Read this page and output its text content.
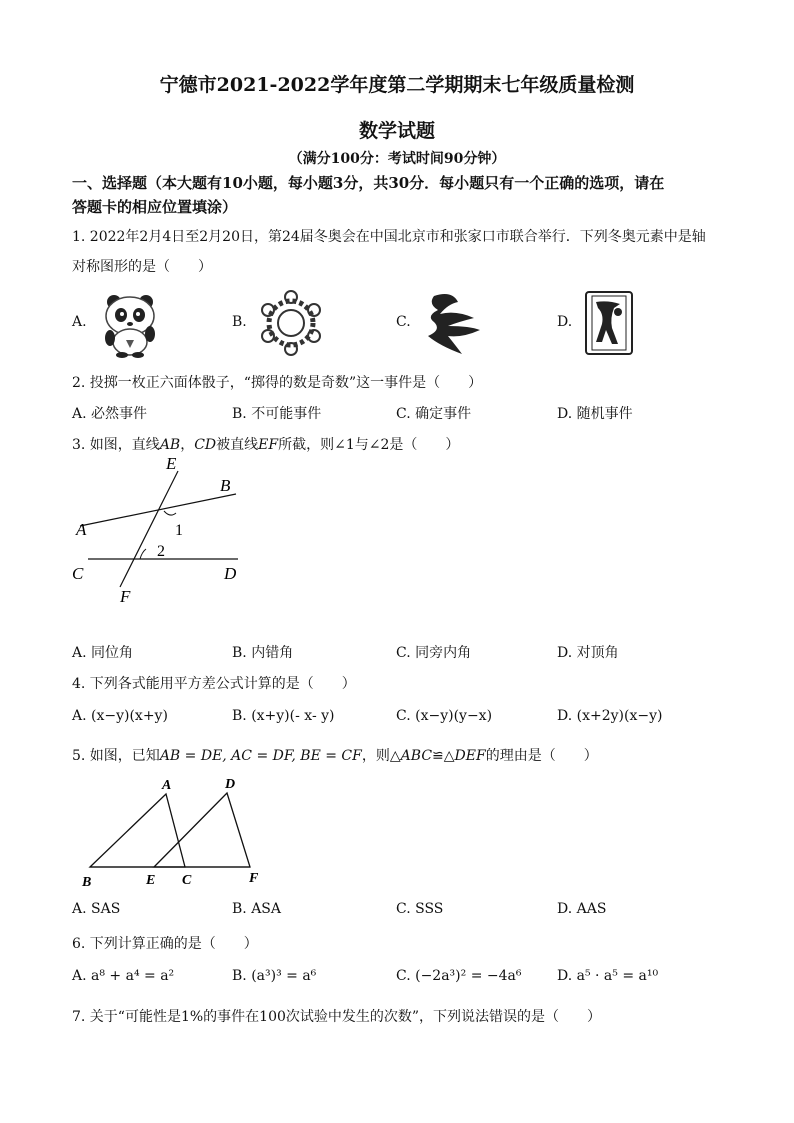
宁德市2021-2022学年度第二学期期末七年级质量检测
数学试题
（满分100分：考试时间90分钟）
一、选择题（本大题有10小题，每小题3分，共30分．每小题只有一个正确的选项，请在
答题卡的相应位置填涂）
1. 2022年2月4日至2月20日，第24届冬奥会在中国北京市和张家口市联合举行．下列冬奥元素中是轴
对称图形的是（　　）
A.	B.	C.	D.
2. 投掷一枚正六面体骰子，“掷得的数是奇数”这一事件是（　　）
A. 必然事件	B. 不可能事件	C. 确定事件	D. 随机事件
3. 如图，直线AB，CD被直线EF所截，则∠1与∠2是（　　）
E
B
A	1
2
C	D
F
A. 同位角	B. 内错角	C. 同旁内角	D. 对顶角
4. 下列各式能用平方差公式计算的是（　　）
A. (x−y)(x+y)	B. (x+y)(- x- y)	C. (x−y)(y−x)	D. (x+2y)(x−y)
5. 如图，已知AB = DE, AC = DF, BE = CF，则△ABC≌△DEF的理由是（　　）
A	D
B	E C	F
A. SAS	B. ASA	C. SSS	D. AAS
6. 下列计算正确的是（　　）
A. a⁸ + a⁴ = a²	B. (a³)³ = a⁶	C. (−2a³)² = −4a⁶	D. a⁵ · a⁵ = a¹⁰
7. 关于“可能性是1%的事件在100次试验中发生的次数”，下列说法错误的是（　　）
